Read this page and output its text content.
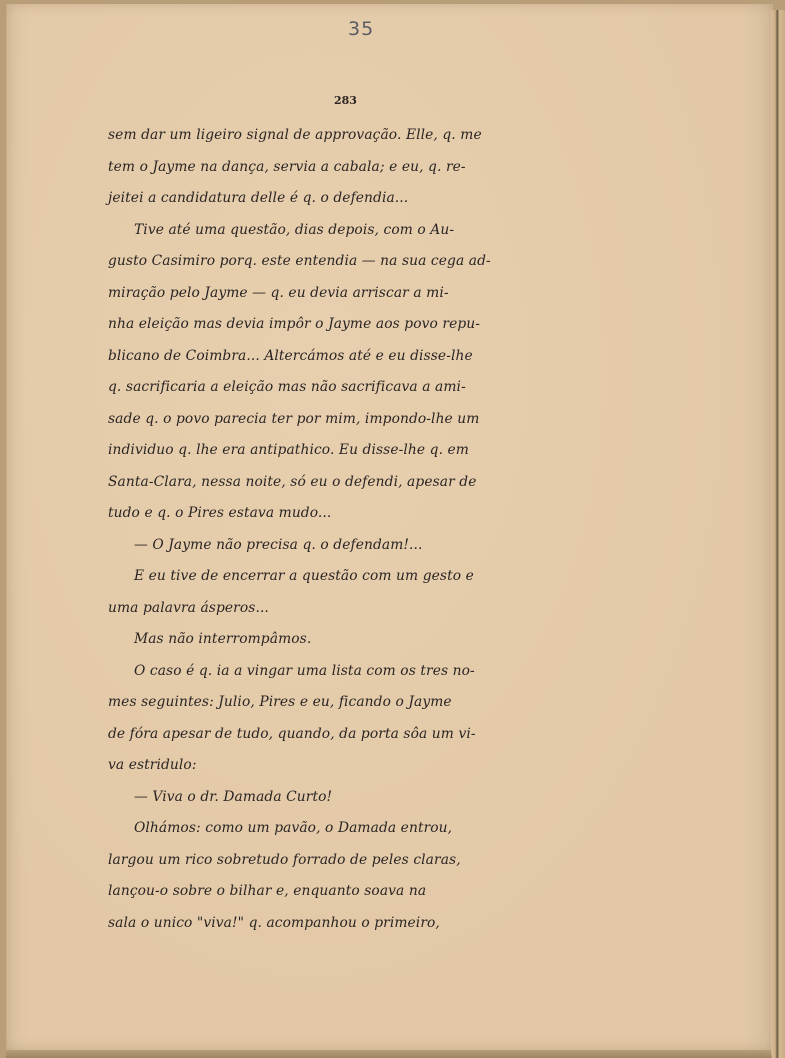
35
283
sem dar um ligeiro signal de approvação. Elle, q. me
tem o Jayme na dança, servia a cabala; e eu, q. re-
jeitei a candidatura delle é q. o defendia...
Tive até uma questão, dias depois, com o Au-
gusto Casimiro porq. este entendia — na sua cega ad-
miração pelo Jayme — q. eu devia arriscar a mi-
nha eleição mas devia impôr o Jayme aos povo repu-
blicano de Coimbra... Altercámos até e eu disse-lhe
q. sacrificaria a eleição mas não sacrificava a ami-
sade q. o povo parecia ter por mim, impondo-lhe um
individuo q. lhe era antipathico. Eu disse-lhe q. em
Santa-Clara, nessa noite, só eu o defendi, apesar de
tudo e q. o Pires estava mudo...
— O Jayme não precisa q. o defendam!...
E eu tive de encerrar a questão com um gesto e
uma palavra ásperos...
Mas não interrompâmos.
O caso é q. ia a vingar uma lista com os tres no-
mes seguintes: Julio, Pires e eu, ficando o Jayme
de fóra apesar de tudo, quando, da porta sôa um vi-
va estridulo:
— Viva o dr. Damada Curto!
Olhámos: como um pavão, o Damada entrou,
largou um rico sobretudo forrado de peles claras,
lançou-o sobre o bilhar e, enquanto soava na
sala o unico "viva!" q. acompanhou o primeiro,
